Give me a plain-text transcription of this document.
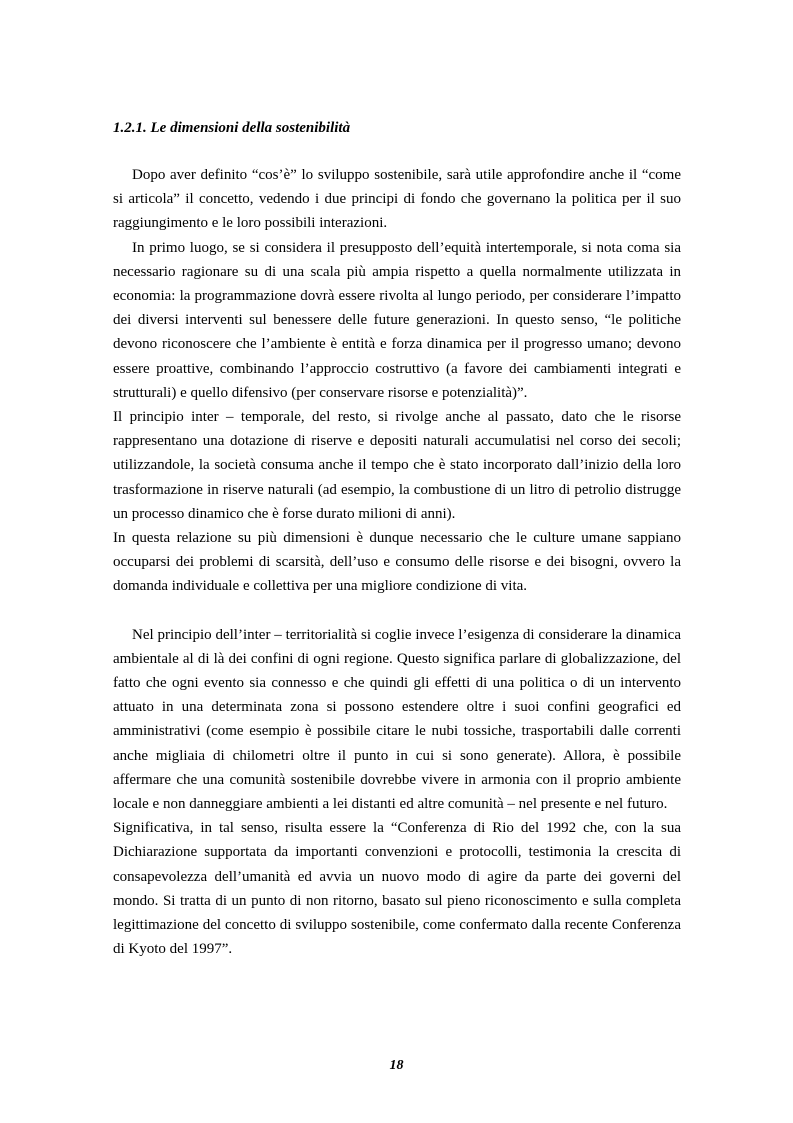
1.2.1. Le dimensioni della sostenibilità

Dopo aver definito “cos’è” lo sviluppo sostenibile, sarà utile approfondire anche il “come si articola” il concetto, vedendo i due principi di fondo che governano la politica per il suo raggiungimento e le loro possibili interazioni.

In primo luogo, se si considera il presupposto dell’equità intertemporale, si nota coma sia necessario ragionare su di una scala più ampia rispetto a quella normalmente utilizzata in economia: la programmazione dovrà essere rivolta al lungo periodo, per considerare l’impatto dei diversi interventi sul benessere delle future generazioni. In questo senso, “le politiche devono riconoscere che l’ambiente è entità e forza dinamica per il progresso umano; devono essere proattive, combinando l’approccio costruttivo (a favore dei cambiamenti integrati e strutturali) e quello difensivo (per conservare risorse e potenzialità)”.

Il principio inter – temporale, del resto, si rivolge anche al passato, dato che le risorse rappresentano una dotazione di riserve e depositi naturali accumulatisi nel corso dei secoli; utilizzandole, la società consuma anche il tempo che è stato incorporato dall’inizio della loro trasformazione in riserve naturali (ad esempio, la combustione di un litro di petrolio distrugge un processo dinamico che è forse durato milioni di anni).

In questa relazione su più dimensioni è dunque necessario che le culture umane sappiano occuparsi dei problemi di scarsità, dell’uso e consumo delle risorse e dei bisogni, ovvero la domanda individuale e collettiva per una migliore condizione di vita.

Nel principio dell’inter – territorialità si coglie invece l’esigenza di considerare la dinamica ambientale al di là dei confini di ogni regione. Questo significa parlare di globalizzazione, del fatto che ogni evento sia connesso e che quindi gli effetti di una politica o di un intervento attuato in una determinata zona si possono estendere oltre i suoi confini geografici ed amministrativi (come esempio è possibile citare le nubi tossiche, trasportabili dalle correnti anche migliaia di chilometri oltre il punto in cui si sono generate). Allora, è possibile affermare che una comunità sostenibile dovrebbe vivere in armonia con il proprio ambiente locale e non danneggiare ambienti a lei distanti ed altre comunità – nel presente e nel futuro.

Significativa, in tal senso, risulta essere la “Conferenza di Rio del 1992 che, con la sua Dichiarazione supportata da importanti convenzioni e protocolli, testimonia la crescita di consapevolezza dell’umanità ed avvia un nuovo modo di agire da parte dei governi del mondo. Si tratta di un punto di non ritorno, basato sul pieno riconoscimento e sulla completa legittimazione del concetto di sviluppo sostenibile, come confermato dalla recente Conferenza di Kyoto del 1997”.

18
